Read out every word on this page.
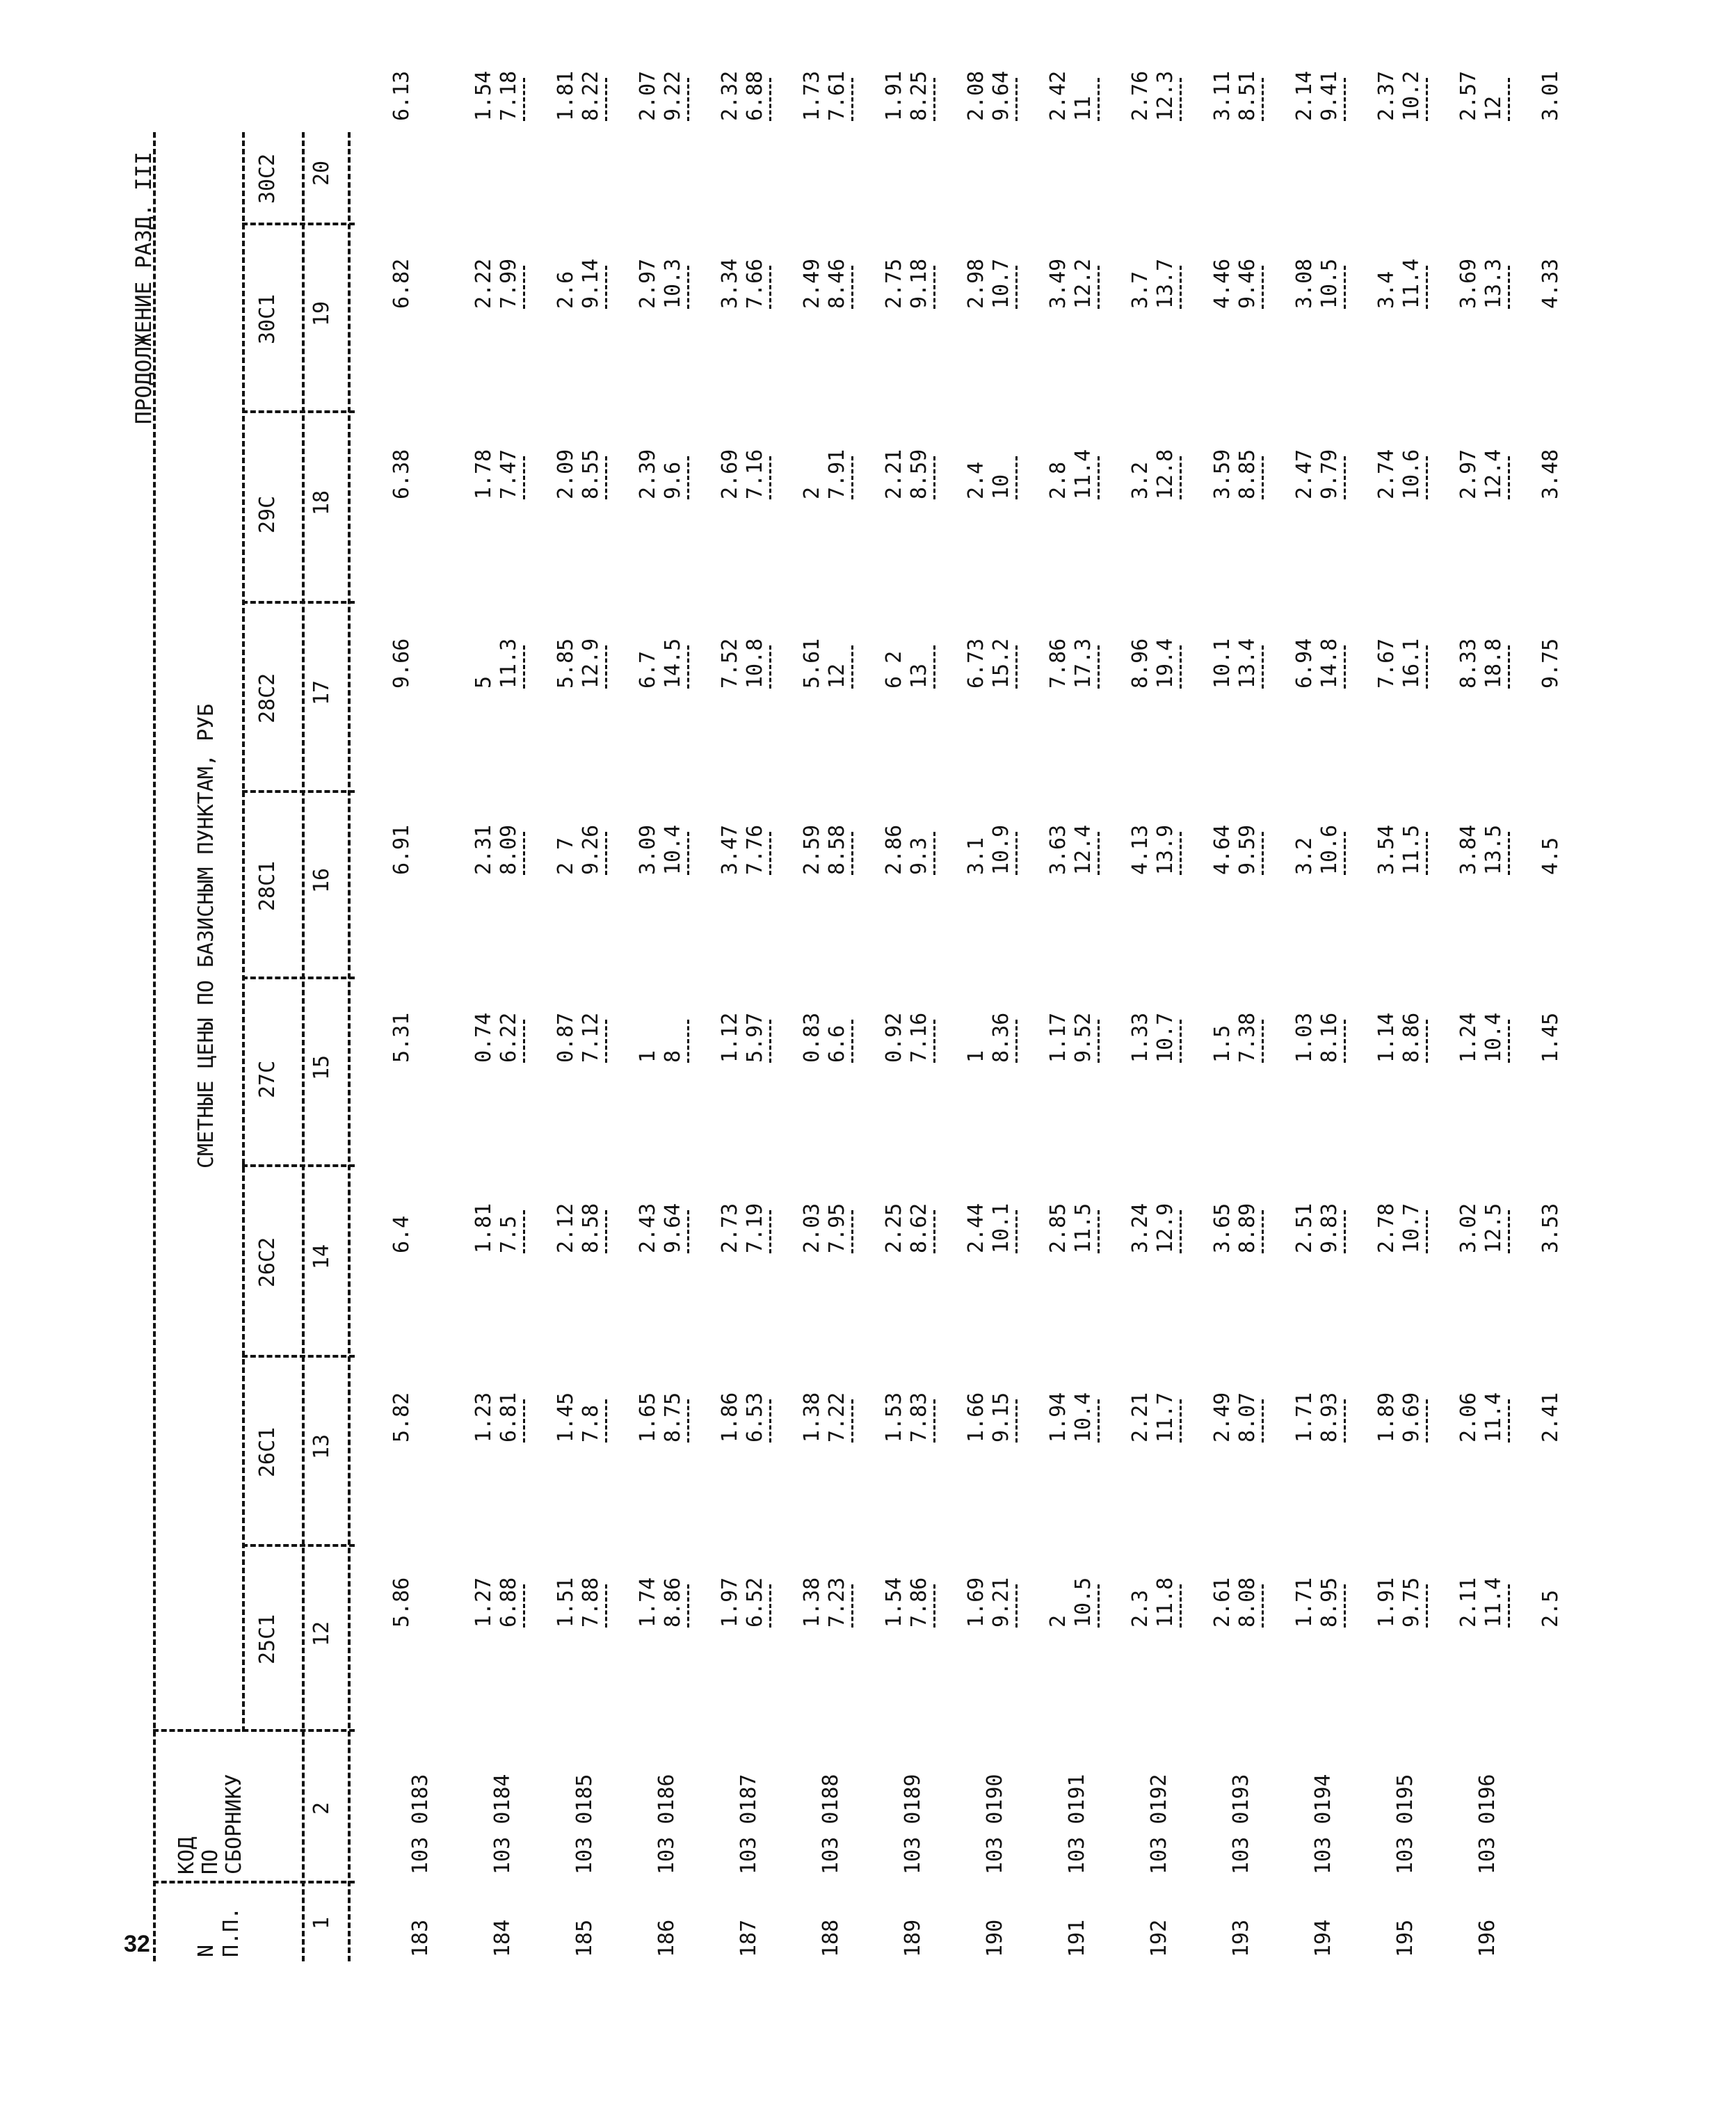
32
ПРОДОЛЖЕНИЕ РАЗД. III
N П.П.
КОД ПО СБОРНИКУ
СМЕТНЫЕ ЦЕНЫ ПО БАЗИСНЫМ ПУНКТАМ, РУБ
25С1
26С1
26С2
27С
28С1
28С2
29С
30С1
30С2
1
2
12
13
14
15
16
17
18
19
20
183
103 0183
5.86
5.82
6.4
5.31
6.91
9.66
6.38
6.82
6.13
184
103 0184
1.27 6.88
1.23 6.81
1.81 7.5
0.74 6.22
2.31 8.09
5 11.3
1.78 7.47
2.22 7.99
1.54 7.18
185
103 0185
1.51 7.88
1.45 7.8
2.12 8.58
0.87 7.12
2 7 9.26
5.85 12.9
2.09 8.55
2.6 9.14
1.81 8.22
186
103 0186
1.74 8.86
1.65 8.75
2.43 9.64
1 8
3.09 10.4
6.7 14.5
2.39 9.6
2.97 10.3
2.07 9.22
187
103 0187
1.97 6.52
1.86 6.53
2.73 7.19
1.12 5.97
3.47 7.76
7.52 10.8
2.69 7.16
3.34 7.66
2.32 6.88
188
103 0188
1.38 7.23
1.38 7.22
2.03 7.95
0.83 6.6
2.59 8.58
5.61 12
2 7.91
2.49 8.46
1.73 7.61
189
103 0189
1.54 7.86
1.53 7.83
2.25 8.62
0.92 7.16
2.86 9.3
6 2 13
2.21 8.59
2.75 9.18
1.91 8.25
190
103 0190
1.69 9.21
1.66 9.15
2.44 10.1
1 8.36
3.1 10.9
6.73 15.2
2.4 10
2.98 10.7
2.08 9.64
191
103 0191
2 10.5
1.94 10.4
2.85 11.5
1.17 9.52
3.63 12.4
7.86 17.3
2.8 11.4
3.49 12.2
2.42 11
192
103 0192
2.3 11.8
2.21 11.7
3.24 12.9
1.33 10.7
4.13 13.9
8.96 19.4
3.2 12.8
3.7 13.7
2.76 12.3
193
103 0193
2.61 8.08
2.49 8.07
3.65 8.89
1.5 7.38
4.64 9.59
10.1 13.4
3.59 8.85
4.46 9.46
3.11 8.51
194
103 0194
1.71 8.95
1.71 8.93
2.51 9.83
1.03 8.16
3.2 10.6
6.94 14.8
2.47 9.79
3.08 10.5
2.14 9.41
195
103 0195
1.91 9.75
1.89 9.69
2.78 10.7
1.14 8.86
3.54 11.5
7.67 16.1
2.74 10.6
3.4 11.4
2.37 10.2
196
103 0196
2.11 11.4
2.06 11.4
3.02 12.5
1.24 10.4
3.84 13.5
8.33 18.8
2.97 12.4
3.69 13.3
2.57 12
2.5
2.41
3.53
1.45
4.5
9.75
3.48
4.33
3.01
